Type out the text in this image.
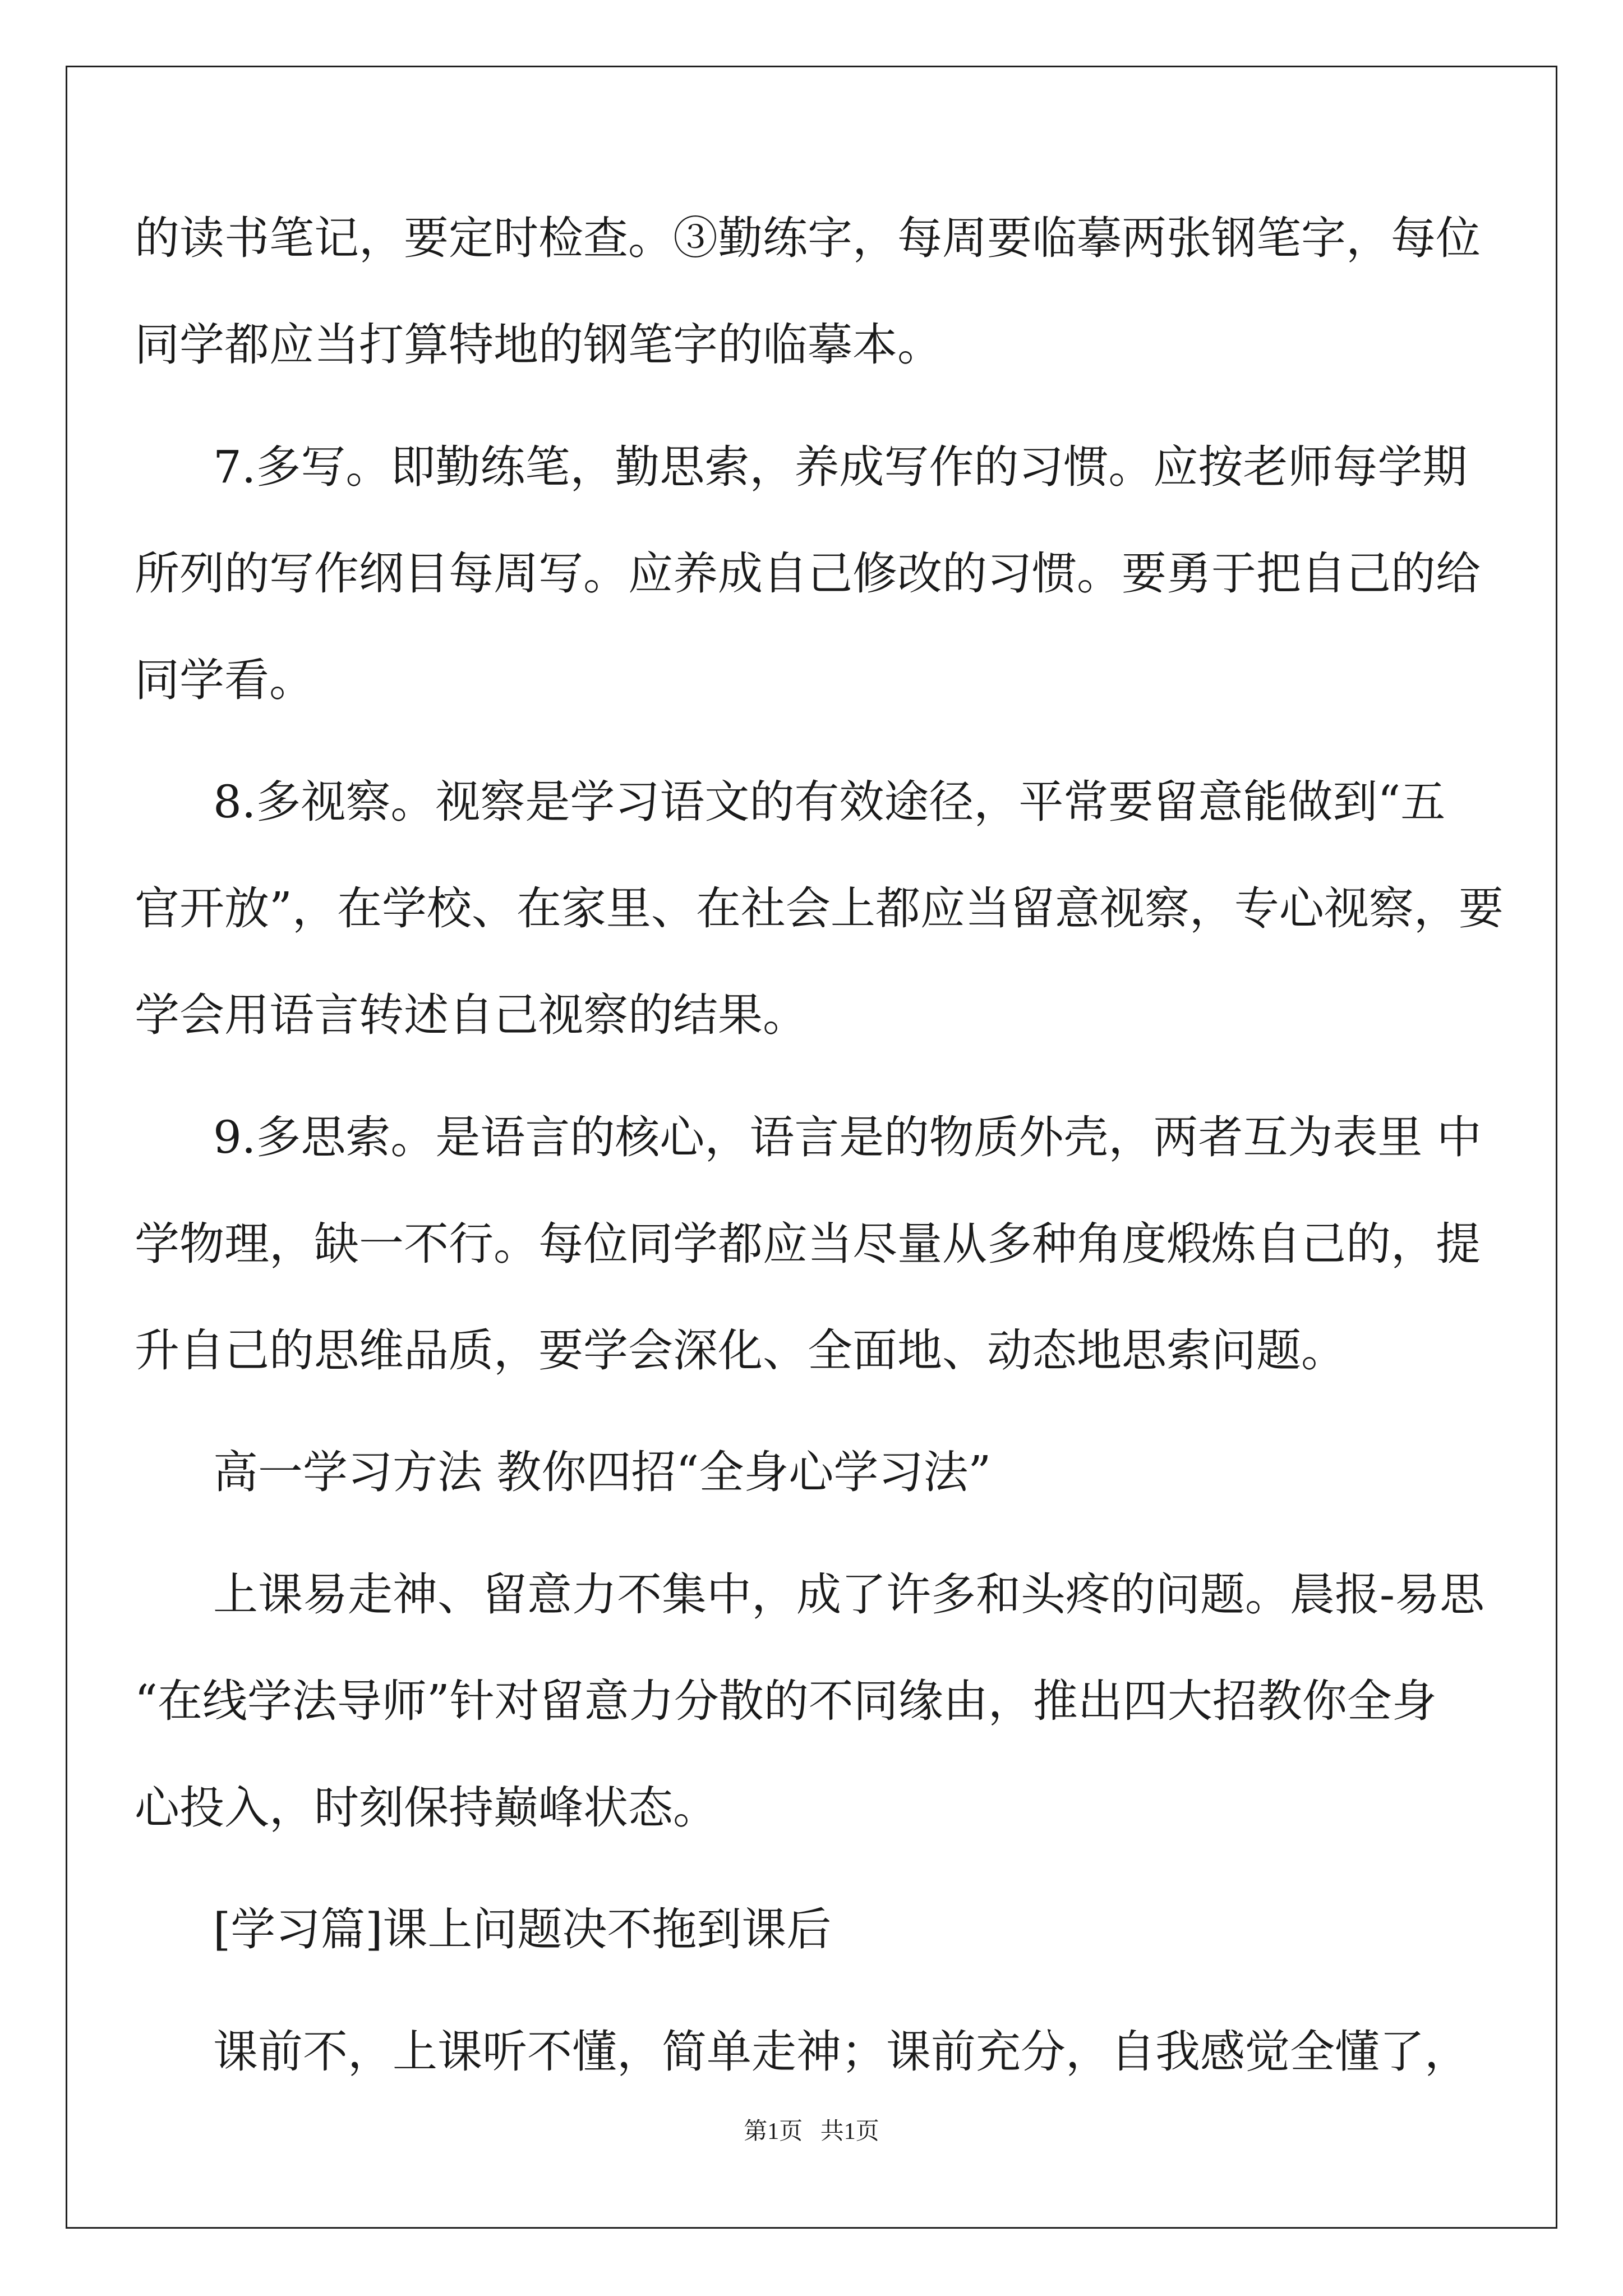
的读书笔记，要定时检查。③勤练字，每周要临摹两张钢笔字，每位
同学都应当打算特地的钢笔字的临摹本。
7.多写。即勤练笔，勤思索，养成写作的习惯。应按老师每学期
所列的写作纲目每周写。应养成自己修改的习惯。要勇于把自己的给
同学看。
8.多视察。视察是学习语文的有效途径，平常要留意能做到“五
官开放”，在学校、在家里、在社会上都应当留意视察，专心视察，要
学会用语言转述自己视察的结果。
9.多思索。是语言的核心，语言是的物质外壳，两者互为表里 中
学物理，缺一不行。每位同学都应当尽量从多种角度煅炼自己的，提
升自己的思维品质，要学会深化、全面地、动态地思索问题。
高一学习方法 教你四招“全身心学习法”
上课易走神、留意力不集中，成了许多和头疼的问题。晨报-易思
“在线学法导师”针对留意力分散的不同缘由，推出四大招教你全身
心投入，时刻保持巅峰状态。
[学习篇]课上问题决不拖到课后
课前不，上课听不懂，简单走神；课前充分，自我感觉全懂了，
第1页 共1页
